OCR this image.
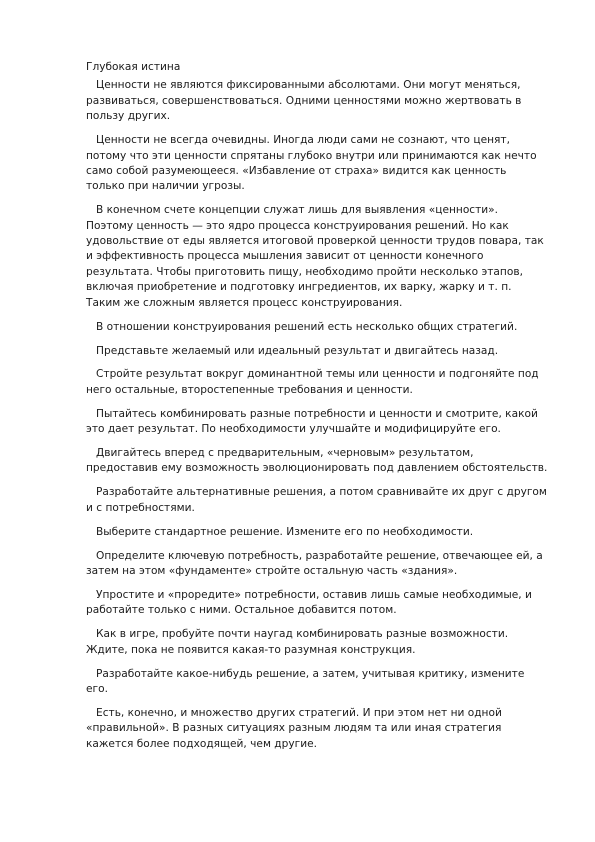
Глубокая истина

Ценности не являются фиксированными абсолютами. Они могут меняться, развиваться, совершенствоваться. Одними ценностями можно жертвовать в пользу других.

Ценности не всегда очевидны. Иногда люди сами не сознают, что ценят, потому что эти ценности спрятаны глубоко внутри или принимаются как нечто само собой разумеющееся. «Избавление от страха» видится как ценность только при наличии угрозы.

В конечном счете концепции служат лишь для выявления «ценности». Поэтому ценность — это ядро процесса конструирования решений. Но как удовольствие от еды является итоговой проверкой ценности трудов повара, так и эффективность процесса мышления зависит от ценности конечного результата. Чтобы приготовить пищу, необходимо пройти несколько этапов, включая приобретение и подготовку ингредиентов, их варку, жарку и т. п. Таким же сложным является процесс конструирования.

В отношении конструирования решений есть несколько общих стратегий.

Представьте желаемый или идеальный результат и двигайтесь назад.

Стройте результат вокруг доминантной темы или ценности и подгоняйте под него остальные, второстепенные требования и ценности.

Пытайтесь комбинировать разные потребности и ценности и смотрите, какой это дает результат. По необходимости улучшайте и модифицируйте его.

Двигайтесь вперед с предварительным, «черновым» результатом, предоставив ему возможность эволюционировать под давлением обстоятельств.

Разработайте альтернативные решения, а потом сравнивайте их друг с другом и с потребностями.

Выберите стандартное решение. Измените его по необходимости.

Определите ключевую потребность, разработайте решение, отвечающее ей, а затем на этом «фундаменте» стройте остальную часть «здания».

Упростите и «проредите» потребности, оставив лишь самые необходимые, и работайте только с ними. Остальное добавится потом.

Как в игре, пробуйте почти наугад комбинировать разные возможности. Ждите, пока не появится какая-то разумная конструкция.

Разработайте какое-нибудь решение, а затем, учитывая критику, измените его.

Есть, конечно, и множество других стратегий. И при этом нет ни одной «правильной». В разных ситуациях разным людям та или иная стратегия кажется более подходящей, чем другие.
